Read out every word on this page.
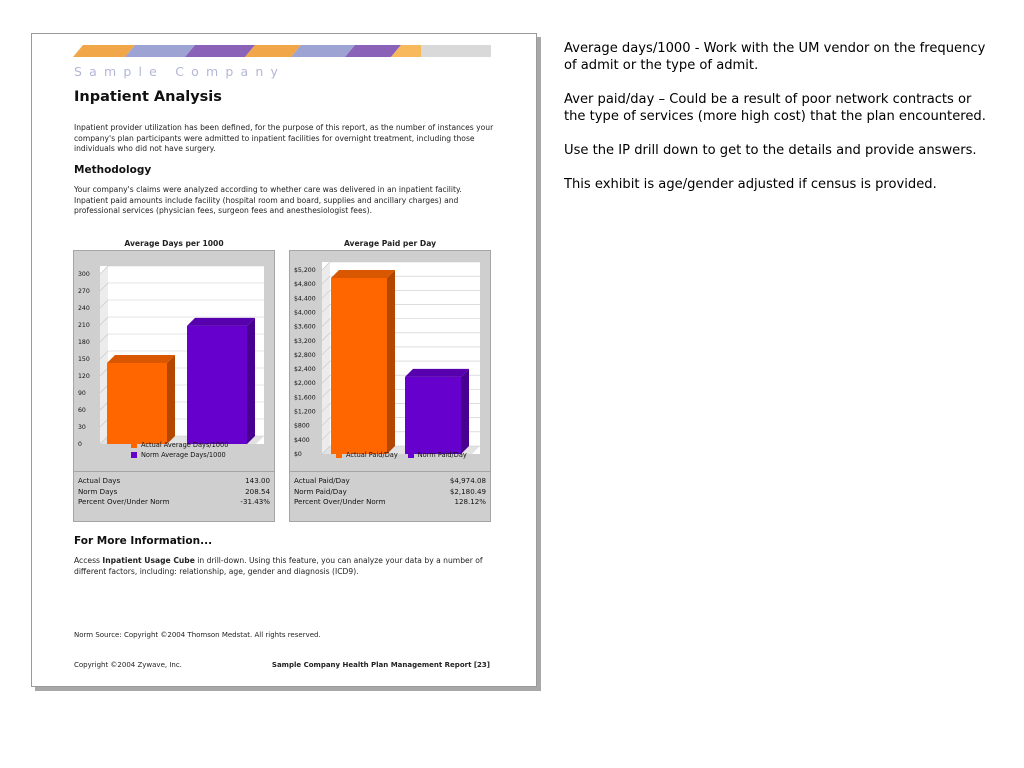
Sample Company
Inpatient Analysis
Inpatient provider utilization has been defined, for the purpose of this report, as the number of instances your company's plan participants were admitted to inpatient facilities for overnight treatment, including those individuals who did not have surgery.
Methodology
Your company's claims were analyzed according to whether care was delivered in an inpatient facility. Inpatient paid amounts include facility (hospital room and board, supplies and ancillary charges) and professional services (physician fees, surgeon fees and anesthesiologist fees).
Average Days per 1000
300
270
240
210
180
150
120
90
60
30
0	Actual Average Days/1000
Norm Average Days/1000
Actual Days	143.00
Norm Days	208.54
Percent Over/Under Norm	-31.43%
Average Paid per Day
$5,200
$4,800
$4,400
$4,000
$3,600
$3,200
$2,800
$2,400
$2,000
$1,600
$1,200
$800
$400
$0	Actual Paid/Day	Norm Paid/Day
Actual Paid/Day	$4,974.08
Norm Paid/Day	$2,180.49
Percent Over/Under Norm	128.12%
For More Information...
Access Inpatient Usage Cube in drill-down. Using this feature, you can analyze your data by a number of different factors, including: relationship, age, gender and diagnosis (ICD9).
Norm Source: Copyright ©2004 Thomson Medstat. All rights reserved.
Copyright ©2004 Zywave, Inc.	Sample Company Health Plan Management Report [23]

Average days/1000 - Work with the UM vendor on the frequency of admit or the type of admit.

Aver paid/day – Could be a result of poor network contracts or the type of services (more high cost) that the plan encountered.

Use the IP drill down to get to the details and provide answers.

This exhibit is age/gender adjusted if census is provided.
